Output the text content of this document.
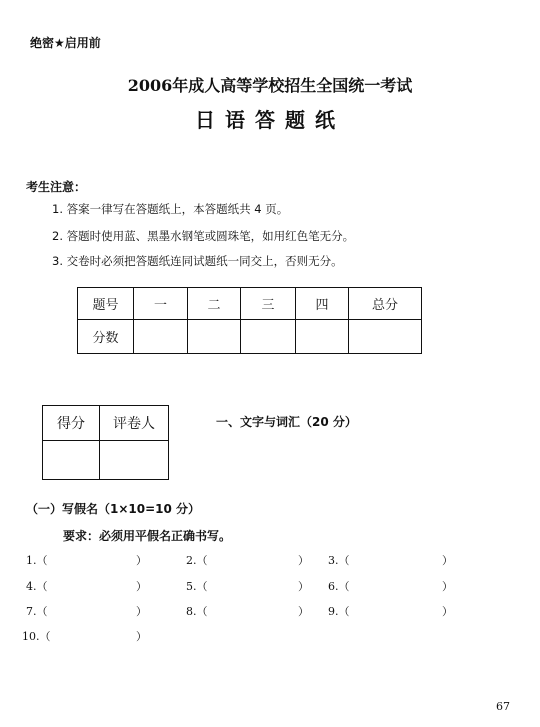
绝密★启用前
2006年成人高等学校招生全国统一考试
日语答题纸
考生注意：
1. 答案一律写在答题纸上，本答题纸共 4 页。
2. 答题时使用蓝、黑墨水钢笔或圆珠笔，如用红色笔无分。
3. 交卷时必须把答题纸连同试题纸一同交上，否则无分。
题号	一	二	三	四	总分
分数					
得分	评卷人
		一、文字与词汇（20 分）
（一）写假名（1×10=10 分）
要求：必须用平假名正确书写。
1.（	）	2.（	） 3.（	）
4.（	）	5.（	） 6.（	）
7.（	）	8.（	） 9.（	）
10.（	）
67
